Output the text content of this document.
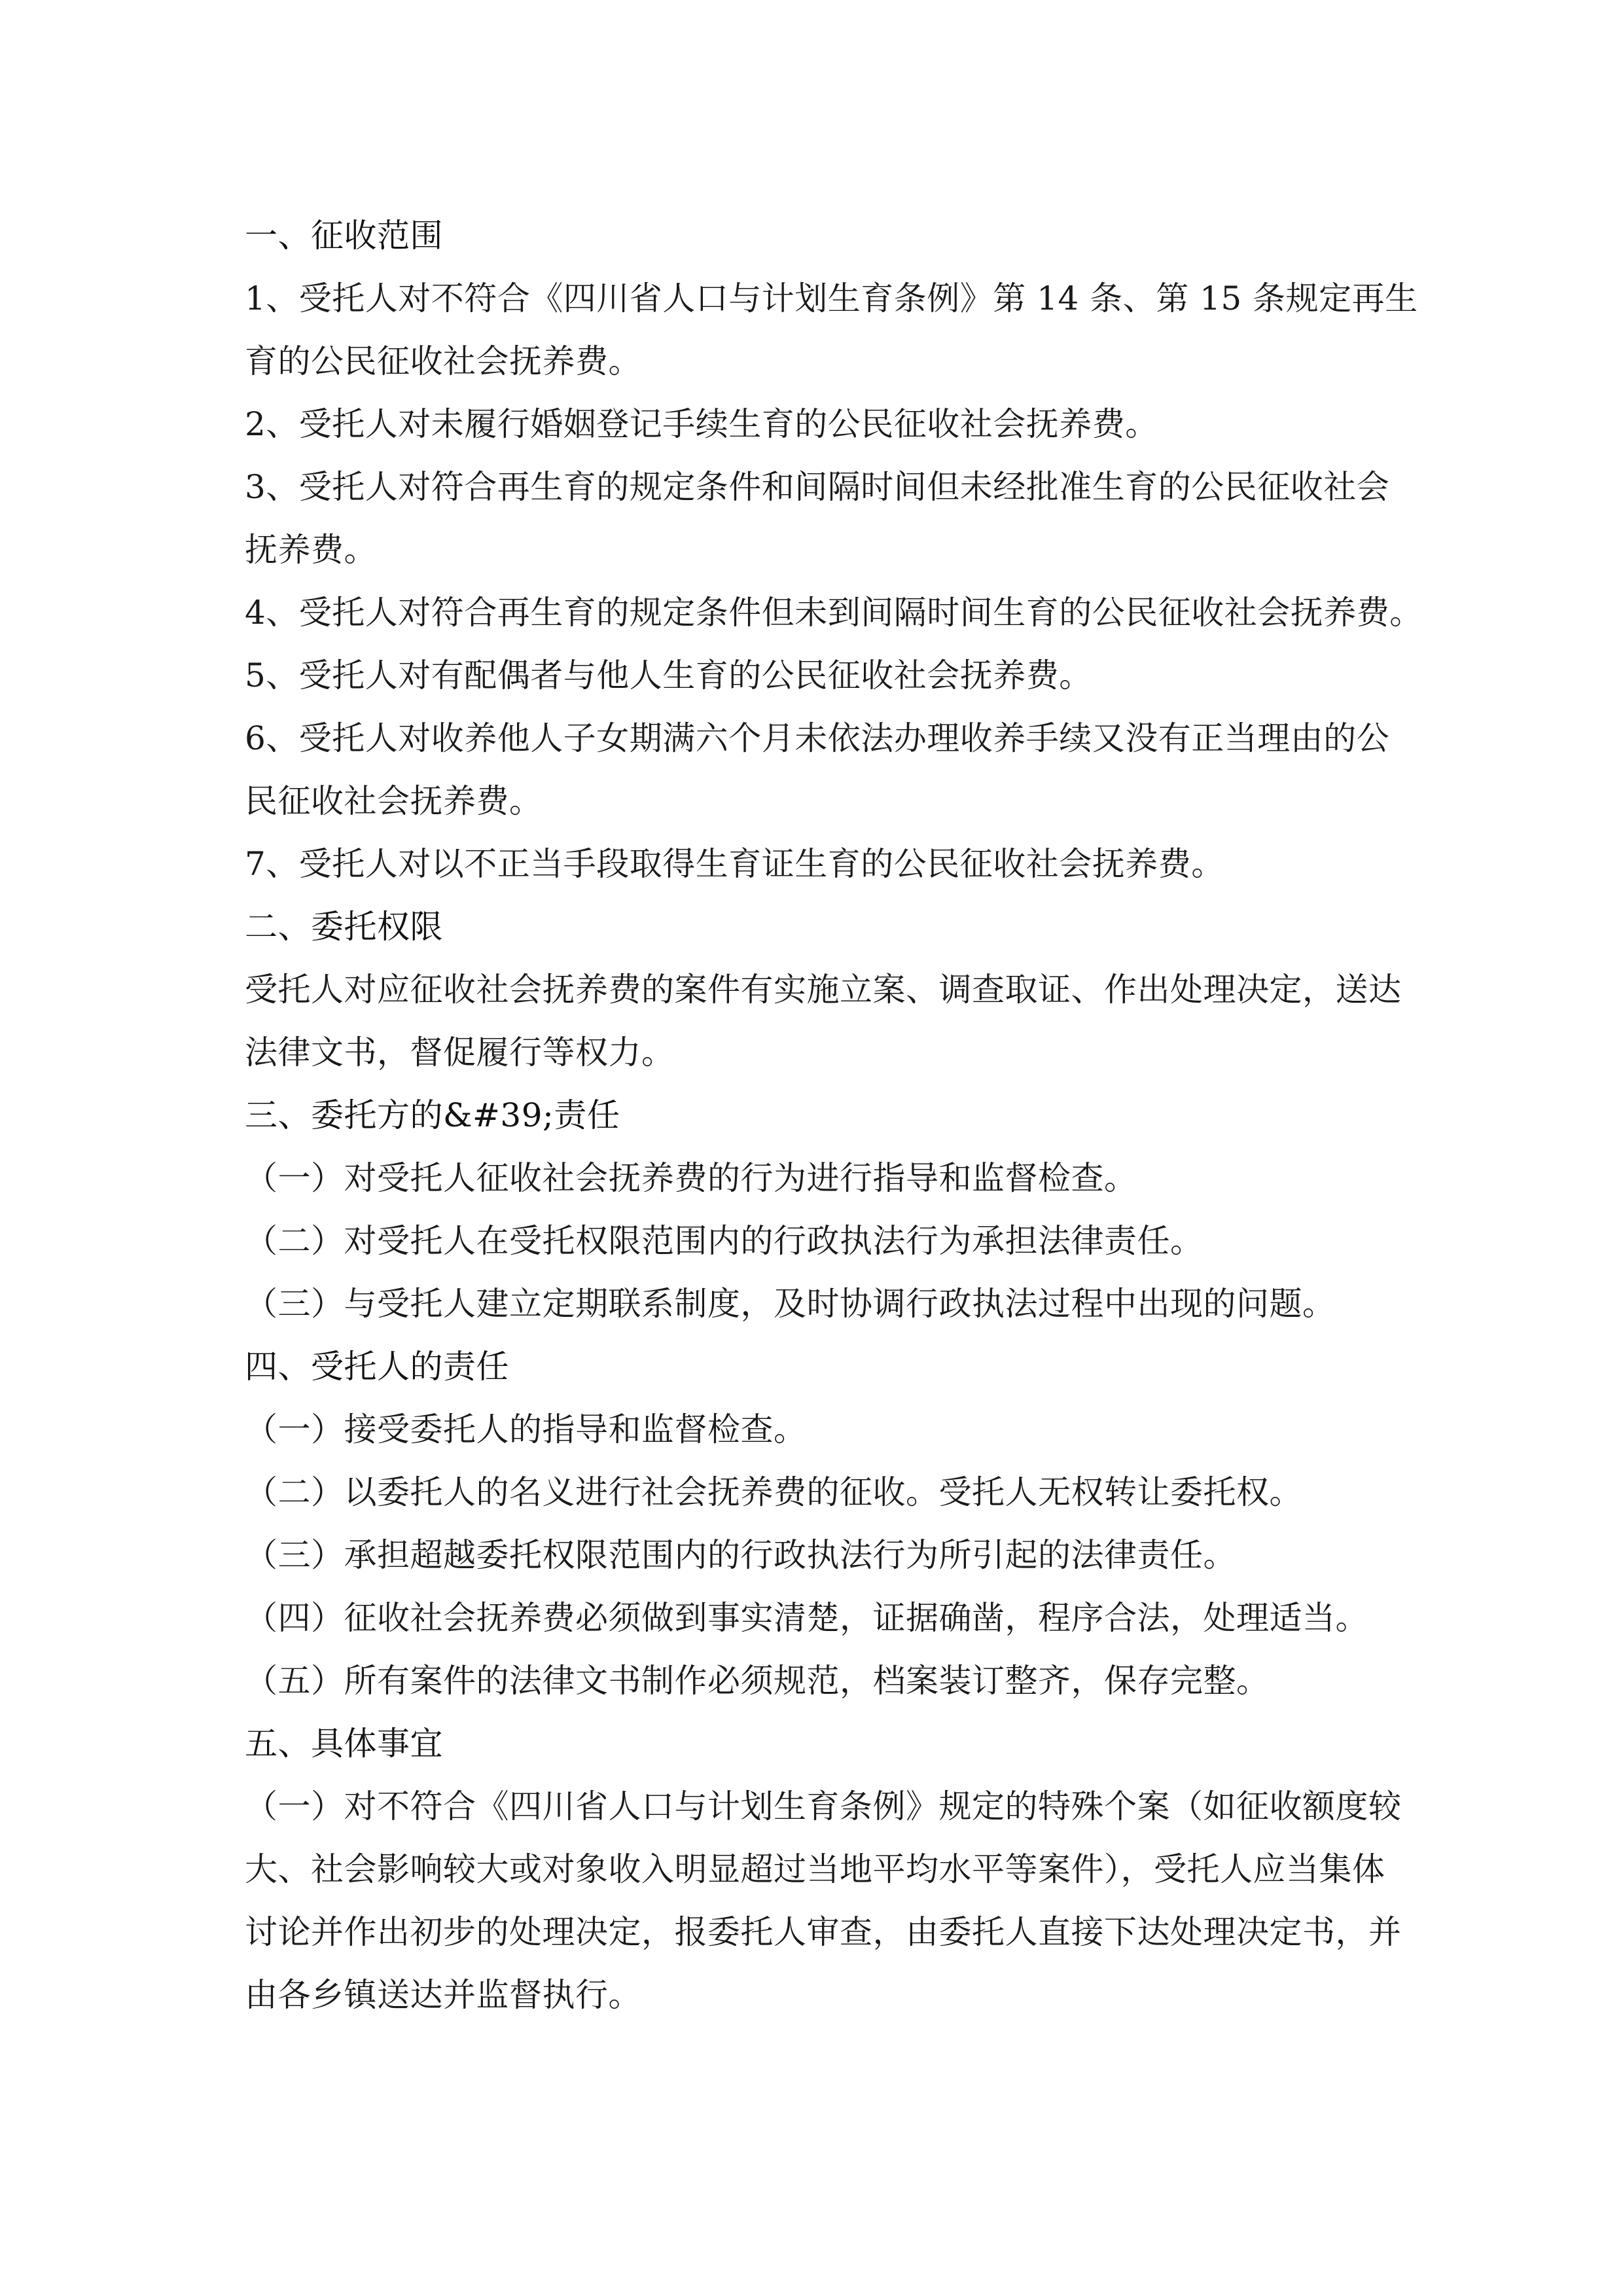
一、征收范围
1、受托人对不符合《四川省人口与计划生育条例》第 14 条、第 15 条规定再生
育的公民征收社会抚养费。
2、受托人对未履行婚姻登记手续生育的公民征收社会抚养费。
3、受托人对符合再生育的规定条件和间隔时间但未经批准生育的公民征收社会
抚养费。
4、受托人对符合再生育的规定条件但未到间隔时间生育的公民征收社会抚养费。
5、受托人对有配偶者与他人生育的公民征收社会抚养费。
6、受托人对收养他人子女期满六个月未依法办理收养手续又没有正当理由的公
民征收社会抚养费。
7、受托人对以不正当手段取得生育证生育的公民征收社会抚养费。
二、委托权限
受托人对应征收社会抚养费的案件有实施立案、调查取证、作出处理决定，送达
法律文书，督促履行等权力。
三、委托方的&#39;责任
（一）对受托人征收社会抚养费的行为进行指导和监督检查。
（二）对受托人在受托权限范围内的行政执法行为承担法律责任。
（三）与受托人建立定期联系制度，及时协调行政执法过程中出现的问题。
四、受托人的责任
（一）接受委托人的指导和监督检查。
（二）以委托人的名义进行社会抚养费的征收。受托人无权转让委托权。
（三）承担超越委托权限范围内的行政执法行为所引起的法律责任。
（四）征收社会抚养费必须做到事实清楚，证据确凿，程序合法，处理适当。
（五）所有案件的法律文书制作必须规范，档案装订整齐，保存完整。
五、具体事宜
（一）对不符合《四川省人口与计划生育条例》规定的特殊个案（如征收额度较
大、社会影响较大或对象收入明显超过当地平均水平等案件），受托人应当集体
讨论并作出初步的处理决定，报委托人审查，由委托人直接下达处理决定书，并
由各乡镇送达并监督执行。
